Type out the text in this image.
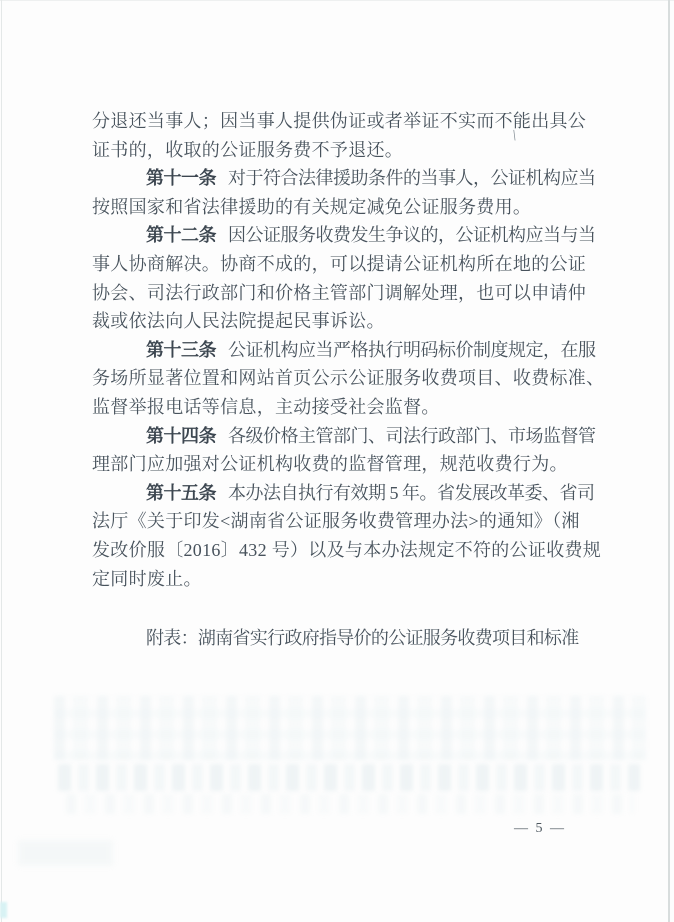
分退还当事人；因当事人提供伪证或者举证不实而不能出具公
证书的，收取的公证服务费不予退还。
第十一条 对于符合法律援助条件的当事人，公证机构应当
按照国家和省法律援助的有关规定减免公证服务费用。
第十二条 因公证服务收费发生争议的，公证机构应当与当
事人协商解决。协商不成的，可以提请公证机构所在地的公证
协会、司法行政部门和价格主管部门调解处理，也可以申请仲
裁或依法向人民法院提起民事诉讼。
第十三条 公证机构应当严格执行明码标价制度规定，在服
务场所显著位置和网站首页公示公证服务收费项目、收费标准、
监督举报电话等信息，主动接受社会监督。
第十四条 各级价格主管部门、司法行政部门、市场监督管
理部门应加强对公证机构收费的监督管理，规范收费行为。
第十五条 本办法自执行有效期 5 年。省发展改革委、省司
法厅《关于印发<湖南省公证服务收费管理办法>的通知》（湘
发改价服〔2016〕432 号）以及与本办法规定不符的公证收费规
定同时废止。
\
附表：湖南省实行政府指导价的公证服务收费项目和标准
— 5 —
